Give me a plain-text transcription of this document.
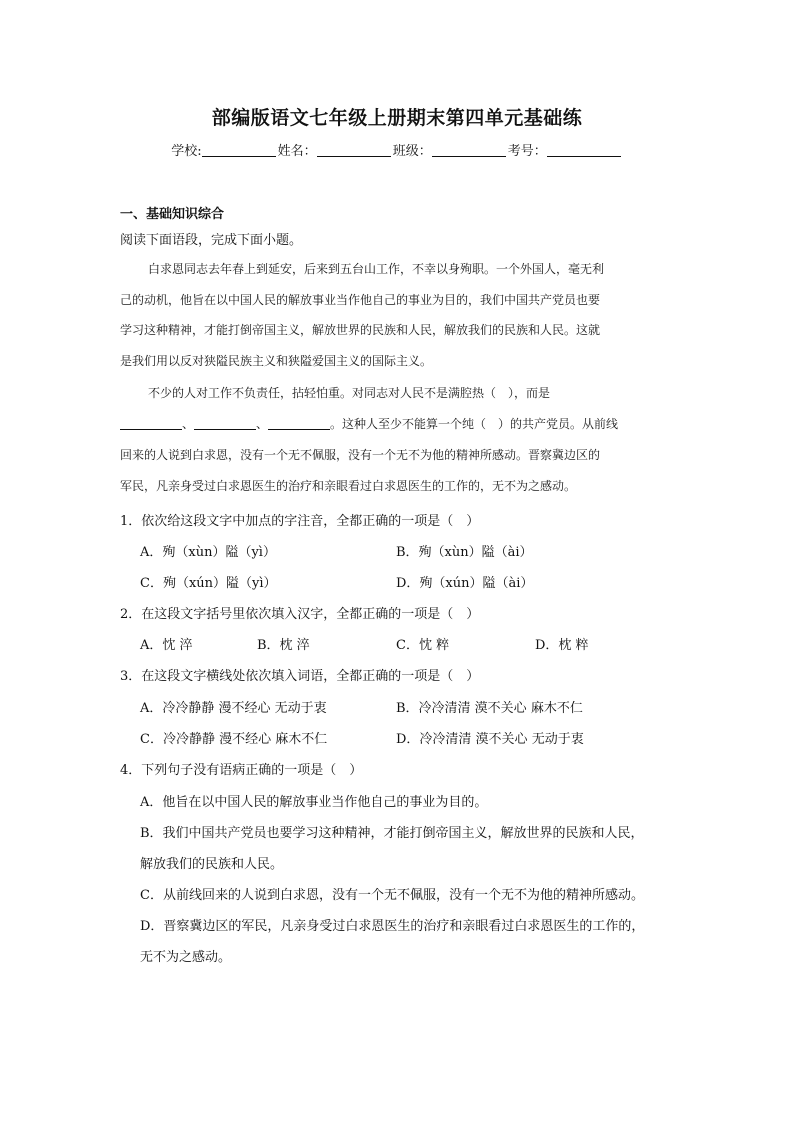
部编版语文七年级上册期末第四单元基础练
学校:	姓名：	班级：	考号：
一、基础知识综合
阅读下面语段，完成下面小题。
白求恩同志去年春上到延安，后来到五台山工作，不幸以身殉职。一个外国人，毫无利
己的动机，他旨在以中国人民的解放事业当作他自己的事业为目的，我们中国共产党员也要
学习这种精神，才能打倒帝国主义，解放世界的民族和人民，解放我们的民族和人民。这就
是我们用以反对狭隘民族主义和狭隘爱国主义的国际主义。
不少的人对工作不负责任，拈轻怕重。对同志对人民不是满腔热（　），而是
、	、	。这种人至少不能算一个纯（　）的共产党员。从前线
回来的人说到白求恩，没有一个无不佩服，没有一个无不为他的精神所感动。晋察冀边区的
军民，凡亲身受过白求恩医生的治疗和亲眼看过白求恩医生的工作的，无不为之感动。
1．依次给这段文字中加点的字注音，全都正确的一项是（　）
A．殉（xùn）隘（yì）	B．殉（xùn）隘（ài）
C．殉（xún）隘（yì）	D．殉（xún）隘（ài）
2．在这段文字括号里依次填入汉字，全都正确的一项是（　）
A．忱 淬	B．枕 淬	C．忱 粹	D．枕 粹
3．在这段文字横线处依次填入词语，全都正确的一项是（　）
A．冷冷静静 漫不经心 无动于衷	B．冷冷清清 漠不关心 麻木不仁
C．冷冷静静 漫不经心 麻木不仁	D．冷冷清清 漠不关心 无动于衷
4．下列句子没有语病正确的一项是（　）
A．他旨在以中国人民的解放事业当作他自己的事业为目的。
B．我们中国共产党员也要学习这种精神，才能打倒帝国主义，解放世界的民族和人民，
解放我们的民族和人民。
C．从前线回来的人说到白求恩，没有一个无不佩服，没有一个无不为他的精神所感动。
D．晋察冀边区的军民，凡亲身受过白求恩医生的治疗和亲眼看过白求恩医生的工作的，
无不为之感动。
